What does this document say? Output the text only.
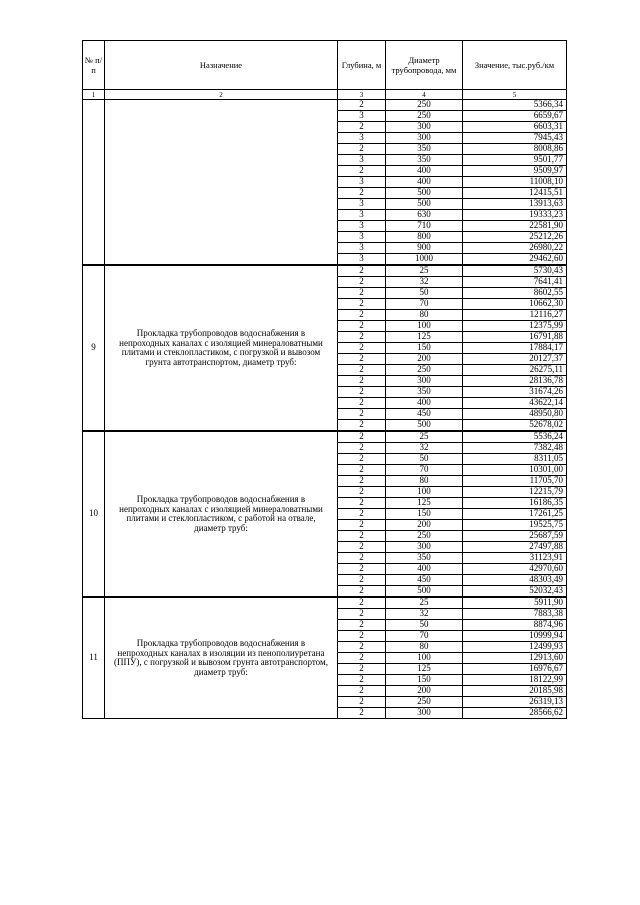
№ п/п	Назначение	Глубина, м	Диаметр трубопровода, мм	Значение, тыс.руб./км
1	2	3	4	5
		2	250	5366,34
		3	250	6659,67
		2	300	6603,31
		3	300	7945,43
		2	350	8008,86
		3	350	9501,77
		2	400	9509,97
		3	400	11008,10
		2	500	12415,51
		3	500	13913,63
		3	630	19333,23
		3	710	22581,90
		3	800	25212,26
		3	900	26980,22
		3	1000	29462,60
9	Прокладка трубопроводов водоснабжения в непроходных каналах с изоляцией минераловатными плитами и стеклопластиком, с погрузкой и вывозом грунта автотранспортом, диаметр труб:	2	25	5730,43
		2	32	7641,41
		2	50	8602,55
		2	70	10662,30
		2	80	12116,27
		2	100	12375,99
		2	125	16791,88
		2	150	17884,17
		2	200	20127,37
		2	250	26275,11
		2	300	28136,78
		2	350	31674,26
		2	400	43622,14
		2	450	48950,80
		2	500	52678,02
10	Прокладка трубопроводов водоснабжения в непроходных каналах с изоляцией минераловатными плитами и стеклопластиком, с работой на отвале, диаметр труб:	2	25	5536,24
		2	32	7382,48
		2	50	8311,05
		2	70	10301,00
		2	80	11705,70
		2	100	12215,79
		2	125	16186,35
		2	150	17261,25
		2	200	19525,75
		2	250	25687,59
		2	300	27497,88
		2	350	31123,91
		2	400	42970,60
		2	450	48303,49
		2	500	52032,43
11	Прокладка трубопроводов водоснабжения в непроходных каналах в изоляции из пенополиуретана (ППУ), с погрузкой и вывозом грунта автотранспортом, диаметр труб:	2	25	5911,90
		2	32	7883,38
		2	50	8874,96
		2	70	10999,94
		2	80	12499,93
		2	100	12913,60
		2	125	16976,67
		2	150	18122,99
		2	200	20185,98
		2	250	26319,13
		2	300	28566,62
